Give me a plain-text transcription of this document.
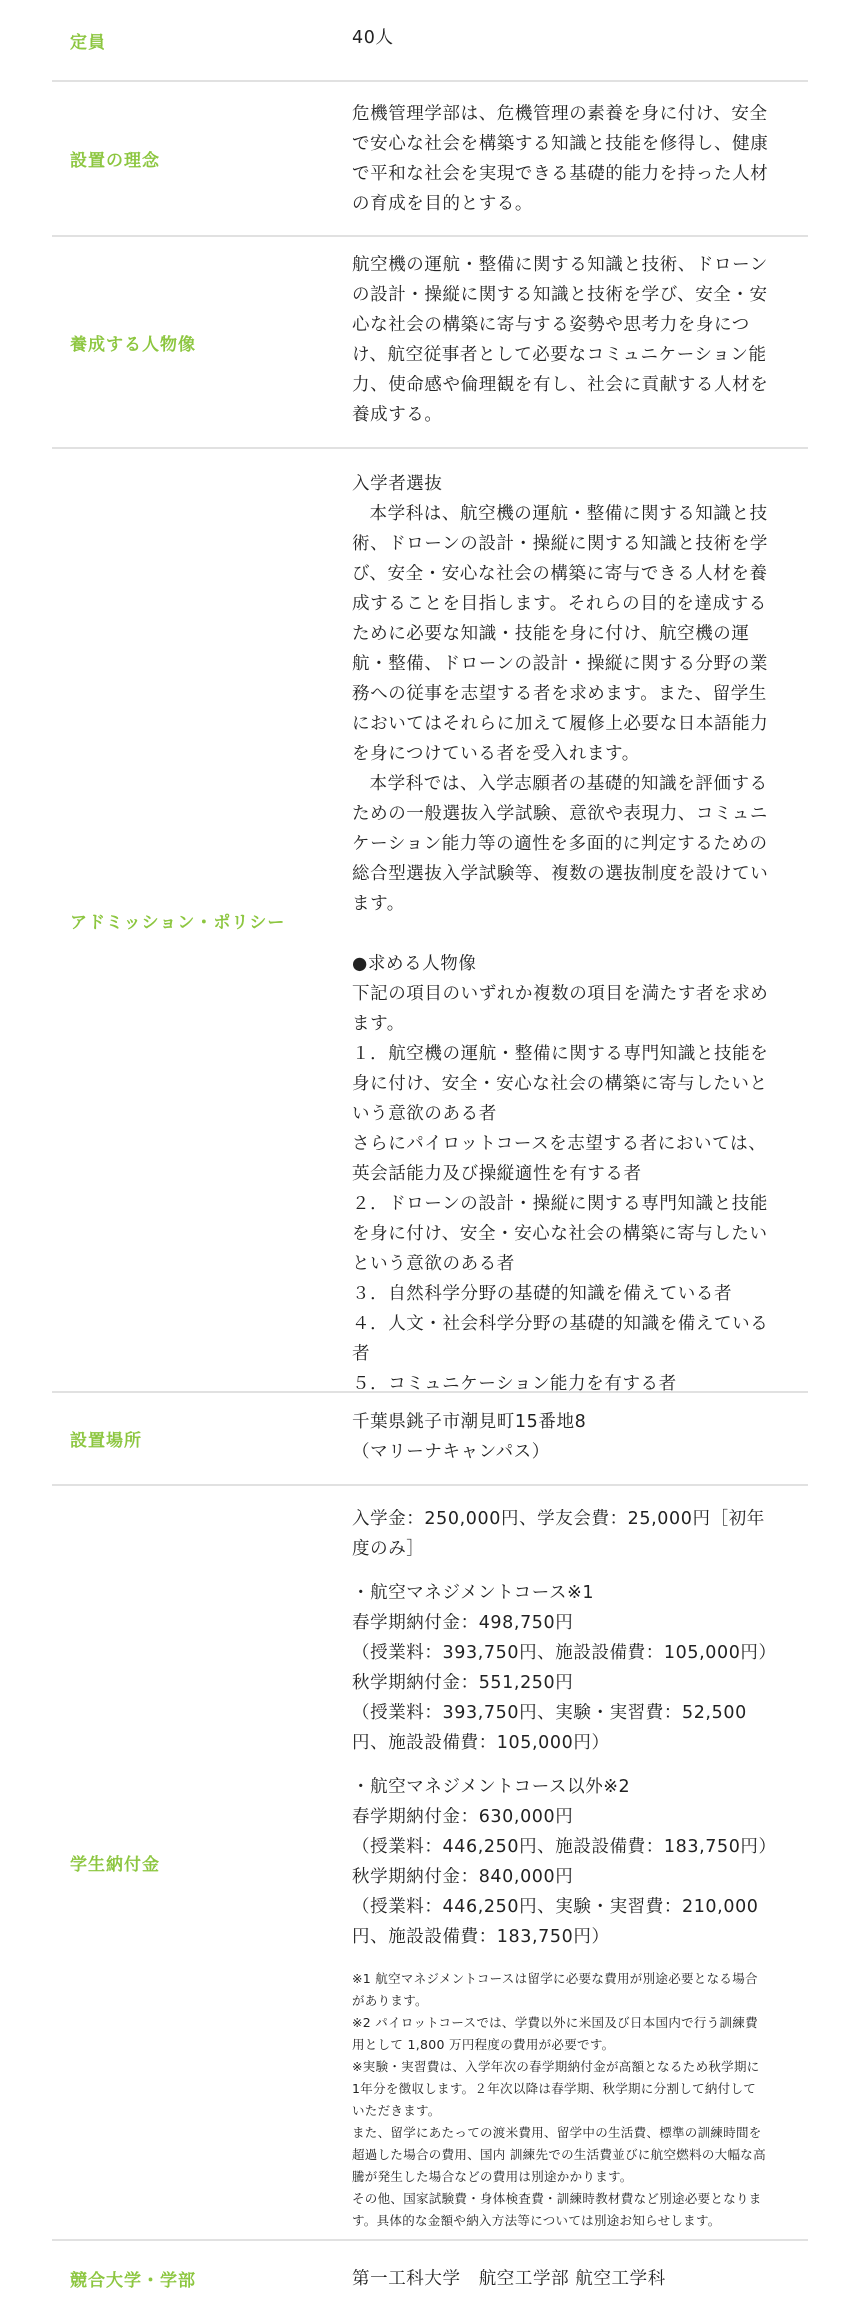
定員	40人

設置の理念

危機管理学部は、危機管理の素養を身に付け、安全

で安心な社会を構築する知識と技能を修得し、健康

で平和な社会を実現できる基礎的能力を持った人材

の育成を目的とする。

養成する人物像

航空機の運航・整備に関する知識と技術、ドローン

の設計・操縦に関する知識と技術を学び、安全・安

心な社会の構築に寄与する姿勢や思考力を身につ

け、航空従事者として必要なコミュニケーション能

力、使命感や倫理観を有し、社会に貢献する人材を

養成する。

アドミッション・ポリシー

入学者選抜

本学科は、航空機の運航・整備に関する知識と技

術、ドローンの設計・操縦に関する知識と技術を学

び、安全・安心な社会の構築に寄与できる人材を養

成することを目指します。それらの目的を達成する

ために必要な知識・技能を身に付け、航空機の運

航・整備、ドローンの設計・操縦に関する分野の業

務への従事を志望する者を求めます。また、留学生

においてはそれらに加えて履修上必要な日本語能力

を身につけている者を受入れます。

本学科では、入学志願者の基礎的知識を評価する

ための一般選抜入学試験、意欲や表現力、コミュニ

ケーション能力等の適性を多面的に判定するための

総合型選抜入学試験等、複数の選抜制度を設けてい

ます。

●求める人物像

下記の項目のいずれか複数の項目を満たす者を求め

ます。

１．航空機の運航・整備に関する専門知識と技能を

身に付け、安全・安心な社会の構築に寄与したいと

いう意欲のある者

さらにパイロットコースを志望する者においては、

英会話能力及び操縦適性を有する者

２．ドローンの設計・操縦に関する専門知識と技能

を身に付け、安全・安心な社会の構築に寄与したい

という意欲のある者

３．自然科学分野の基礎的知識を備えている者

４．人文・社会科学分野の基礎的知識を備えている

者

５．コミュニケーション能力を有する者

設置場所

千葉県銚子市潮見町15番地8

（マリーナキャンパス）

学生納付金

入学金：250,000円、学友会費：25,000円［初年

度のみ］

・航空マネジメントコース※1

春学期納付金：498,750円

（授業料：393,750円、施設設備費：105,000円）

秋学期納付金：551,250円

（授業料：393,750円、実験・実習費：52,500

円、施設設備費：105,000円）

・航空マネジメントコース以外※2

春学期納付金：630,000円

（授業料：446,250円、施設設備費：183,750円）

秋学期納付金：840,000円

（授業料：446,250円、実験・実習費：210,000

円、施設設備費：183,750円）

※1 航空マネジメントコースは留学に必要な費用が別途必要となる場合

があります。

※2 パイロットコースでは、学費以外に米国及び日本国内で行う訓練費

用として 1,800 万円程度の費用が必要です。

※実験・実習費は、入学年次の春学期納付金が高額となるため秋学期に

1年分を徴収します。２年次以降は春学期、秋学期に分割して納付して

いただきます。

また、留学にあたっての渡米費用、留学中の生活費、標準の訓練時間を

超過した場合の費用、国内 訓練先での生活費並びに航空燃料の大幅な高

騰が発生した場合などの費用は別途かかります。

その他、国家試験費・身体検査費・訓練時教材費など別途必要となりま

す。具体的な金額や納入方法等については別途お知らせします。

競合大学・学部	第一工科大学　航空工学部 航空工学科
